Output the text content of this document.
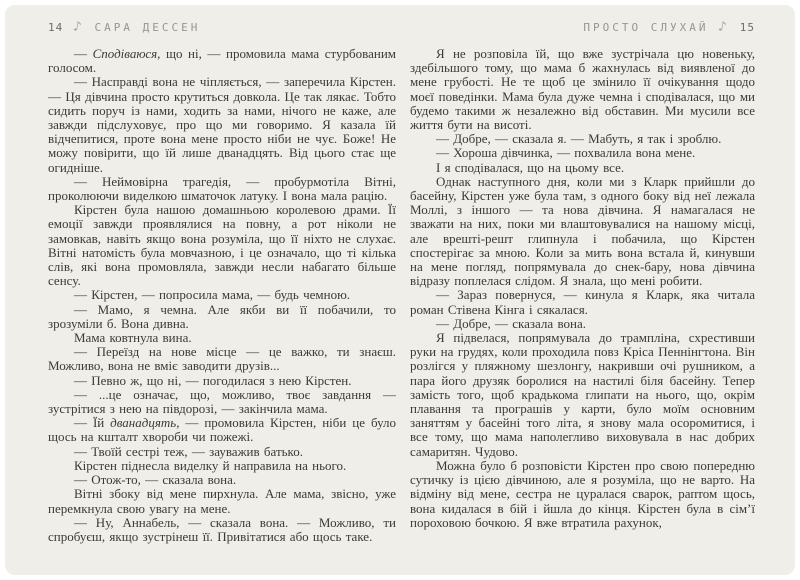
14 ♪ САРА ДЕССЕН

— Сподіваюся, що ні, — промовила мама стурбованим голосом.

— Насправді вона не чіпляється, — заперечила Кірстен. — Ця дівчина просто крутиться довкола. Це так лякає. Тобто сидить поруч із нами, ходить за нами, нічого не каже, але завжди підслуховує, про що ми говоримо. Я казала їй відчепитися, проте вона мене просто ніби не чує. Боже! Не можу повірити, що їй лише дванадцять. Від цього стає ще огидніше.

— Неймовірна трагедія, — пробурмотіла Вітні, проколюючи виделкою шматочок латуку. І вона мала рацію.

Кірстен була нашою домашньою королевою драми. Її емоції завжди проявлялися на повну, а рот ніколи не замовкав, навіть якщо вона розуміла, що її ніхто не слухає. Вітні натомість була мовчазною, і це означало, що ті кілька слів, які вона промовляла, завжди несли набагато більше сенсу.

— Кірстен, — попросила мама, — будь чемною.

— Мамо, я чемна. Але якби ви її побачили, то зрозуміли б. Вона дивна.

Мама ковтнула вина.

— Переїзд на нове місце — це важко, ти знаєш. Можливо, вона не вміє заводити друзів...

— Певно ж, що ні, — погодилася з нею Кірстен.

— ...це означає, що, можливо, твоє завдання — зустрітися з нею на півдорозі, — закінчила мама.

— Їй дванадцять, — промовила Кірстен, ніби це було щось на кшталт хвороби чи пожежі.

— Твоїй сестрі теж, — зауважив батько.

Кірстен піднесла виделку й направила на нього.

— Отож-то, — сказала вона.

Вітні збоку від мене пирхнула. Але мама, звісно, уже перемкнула свою увагу на мене.

— Ну, Аннабель, — сказала вона. — Можливо, ти спробуєш, якщо зустрінеш її. Привітатися або щось таке.

ПРОСТО СЛУХАЙ ♪ 15

Я не розповіла їй, що вже зустрічала цю новеньку, здебільшого тому, що мама б жахнулась від виявленої до мене грубості. Не те щоб це змінило її очікування щодо моєї поведінки. Мама була дуже чемна і сподівалася, що ми будемо такими ж незалежно від обставин. Ми мусили все життя бути на висоті.

— Добре, — сказала я. — Мабуть, я так і зроблю.

— Хороша дівчинка, — похвалила вона мене.

І я сподівалася, що на цьому все.

Однак наступного дня, коли ми з Кларк прийшли до басейну, Кірстен уже була там, з одного боку від неї лежала Моллі, з іншого — та нова дівчина. Я намагалася не зважати на них, поки ми влаштовувалися на нашому місці, але врешті-решт глипнула і побачила, що Кірстен спостерігає за мною. Коли за мить вона встала й, кинувши на мене погляд, попрямувала до снек-бару, нова дівчина відразу поплелася слідом. Я знала, що мені робити.

— Зараз повернуся, — кинула я Кларк, яка читала роман Стівена Кінга і сякалася.

— Добре, — сказала вона.

Я підвелася, попрямувала до трампліна, схрестивши руки на грудях, коли проходила повз Кріса Пеннінгтона. Він розлігся у пляжному шезлонгу, накривши очі рушником, а пара його друзяк боролися на настилі біля басейну. Тепер замість того, щоб крадькома глипати на нього, що, окрім плавання та програшів у карти, було моїм основним заняттям у басейні того літа, я знову мала осоромитися, і все тому, що мама наполегливо виховувала в нас добрих самаритян. Чудово.

Можна було б розповісти Кірстен про свою попередню сутичку із цією дівчиною, але я розуміла, що не варто. На відміну від мене, сестра не цуралася сварок, раптом щось, вона кидалася в бій і йшла до кінця. Кірстен була в сім’ї пороховою бочкою. Я вже втратила рахунок,
